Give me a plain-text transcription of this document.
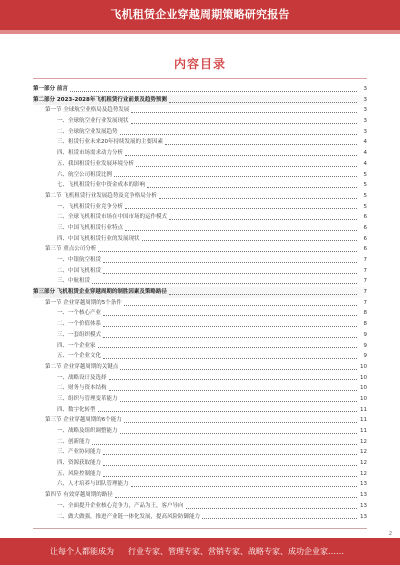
飞机租赁企业穿越周期策略研究报告
内容目录
第一部分 前言	3
第二部分 2023-2028年飞机租赁行业前景及趋势预测	3
第一节 全球航空业格局及趋势发展	3
一、全球航空业行业发展现状	3
二、全球航空业发展趋势	3
三、租赁行业未来20年持续发展的主要因素	4
四、租赁市场需求动力分析	4
五、我国租赁行业发展环境分析	4
六、航空公司租赁比例	5
七、飞机租赁行业中资金成本的影响	5
第二节 飞机租赁行业发展趋势及竞争格局分析	5
一、飞机租赁行业竞争分析	5
二、全球飞机租赁市场在中国市场的运作模式	6
三、中国飞机租赁行业特点	6
四、中国飞机租赁行业的发展现状	6
第三节 重点公司分析	6
一、中银航空租赁	7
二、中国飞机租赁	7
三、中航租赁	7
第三部分 飞机租赁企业穿越周期的制胜因素及策略路径	7
第一节 企业穿越周期的5个条件	7
一、一个核心产业	8
二、一个价值体系	8
三、一套组织模式	9
四、一个企业家	9
五、一个企业文化	9
第二节 企业穿越周期的关键点	10
一、战略设计及选择	10
二、财务与资本结构	10
三、组织与管理变革能力	10
四、数字化转型	11
第三节 企业穿越周期的6个能力	11
一、战略及组织调整能力	11
二、创新能力	12
三、产业协同能力	12
四、资源获取能力	12
五、风险控制能力	12
六、人才培养与团队管理能力	13
第四节 有效穿越周期的路径	13
一、全面提升企业核心竞争力，产品为王，客户导向	13
二、做大做强，推进产业链一体化发展，提高风险防御能力	13
2
让每个人都能成为 行业专家、管理专家、营销专家、战略专家、成功企业家……
